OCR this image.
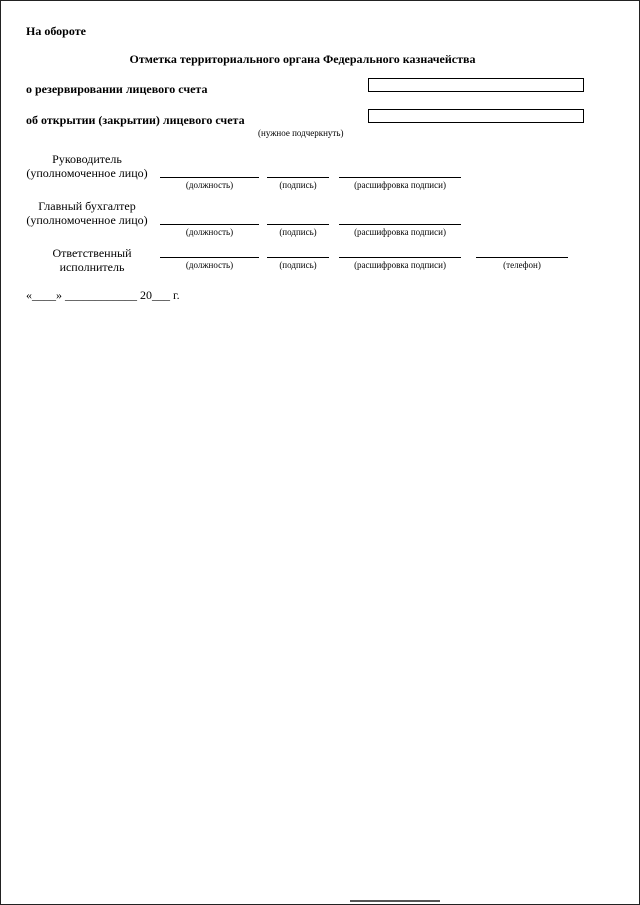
На обороте
Отметка территориального органа Федерального казначейства
о резервировании лицевого счета
об открытии (закрытии) лицевого счета
(нужное подчеркнуть)
Руководитель
(уполномоченное лицо)
(должность)	(подпись)	(расшифровка подписи)
Главный бухгалтер
(уполномоченное лицо)
(должность)	(подпись)	(расшифровка подписи)
Ответственный
исполнитель	(должность)	(подпись)	(расшифровка подписи)	(телефон)
«____» ____________ 20___ г.
